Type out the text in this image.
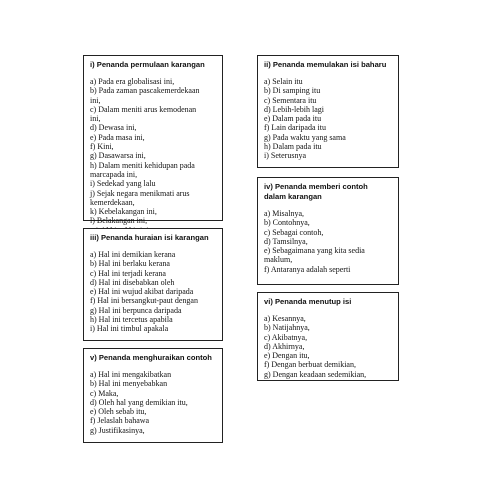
i) Penanda permulaan karangan
a) Pada era globalisasi ini,
b) Pada zaman pascakemerdekaan
ini,
c) Dalam meniti arus kemodenan
ini,
d) Dewasa ini,
e) Pada masa ini,
f) Kini,
g) Dasawarsa ini,
h) Dalam meniti kehidupan pada
marcapada ini,
i) Sedekad yang lalu
j) Sejak negara menikmati arus
kemerdekaan,
k) Kebelakangan ini,
l) Belakangan ini,
ii) Penanda memulakan isi baharu
a) Selain itu
b) Di samping itu
c) Sementara itu
d) Lebih-lebih lagi
e) Dalam pada itu
f) Lain daripada itu
g) Pada waktu yang sama
h) Dalam pada itu
i) Seterusnya
iii) Penanda huraian isi karangan
a) Hal ini demikian kerana
b) Hal ini berlaku kerana
c) Hal ini terjadi kerana
d) Hal ini disebabkan oleh
e) Hal ini wujud akibat daripada
f) Hal ini bersangkut-paut dengan
g) Hal ini berpunca daripada
h) Hal ini tercetus apabila
i) Hal ini timbul apakala
iv) Penanda memberi contoh
dalam karangan
a) Misalnya,
b) Contohnya,
c) Sebagai contoh,
d) Tamsilnya,
e) Sebagaimana yang kita sedia
maklum,
f) Antaranya adalah seperti
v) Penanda menghuraikan contoh
a) Hal ini mengakibatkan
b) Hal ini menyebabkan
c) Maka,
d) Oleh hal yang demikian itu,
e) Oleh sebab itu,
f) Jelaslah bahawa
g) Justifikasinya,
vi) Penanda menutup isi
a) Kesannya,
b) Natijahnya,
c) Akibatnya,
d) Akhirnya,
e) Dengan itu,
f) Dengan berbuat demikian,
g) Dengan keadaan sedemikian,
